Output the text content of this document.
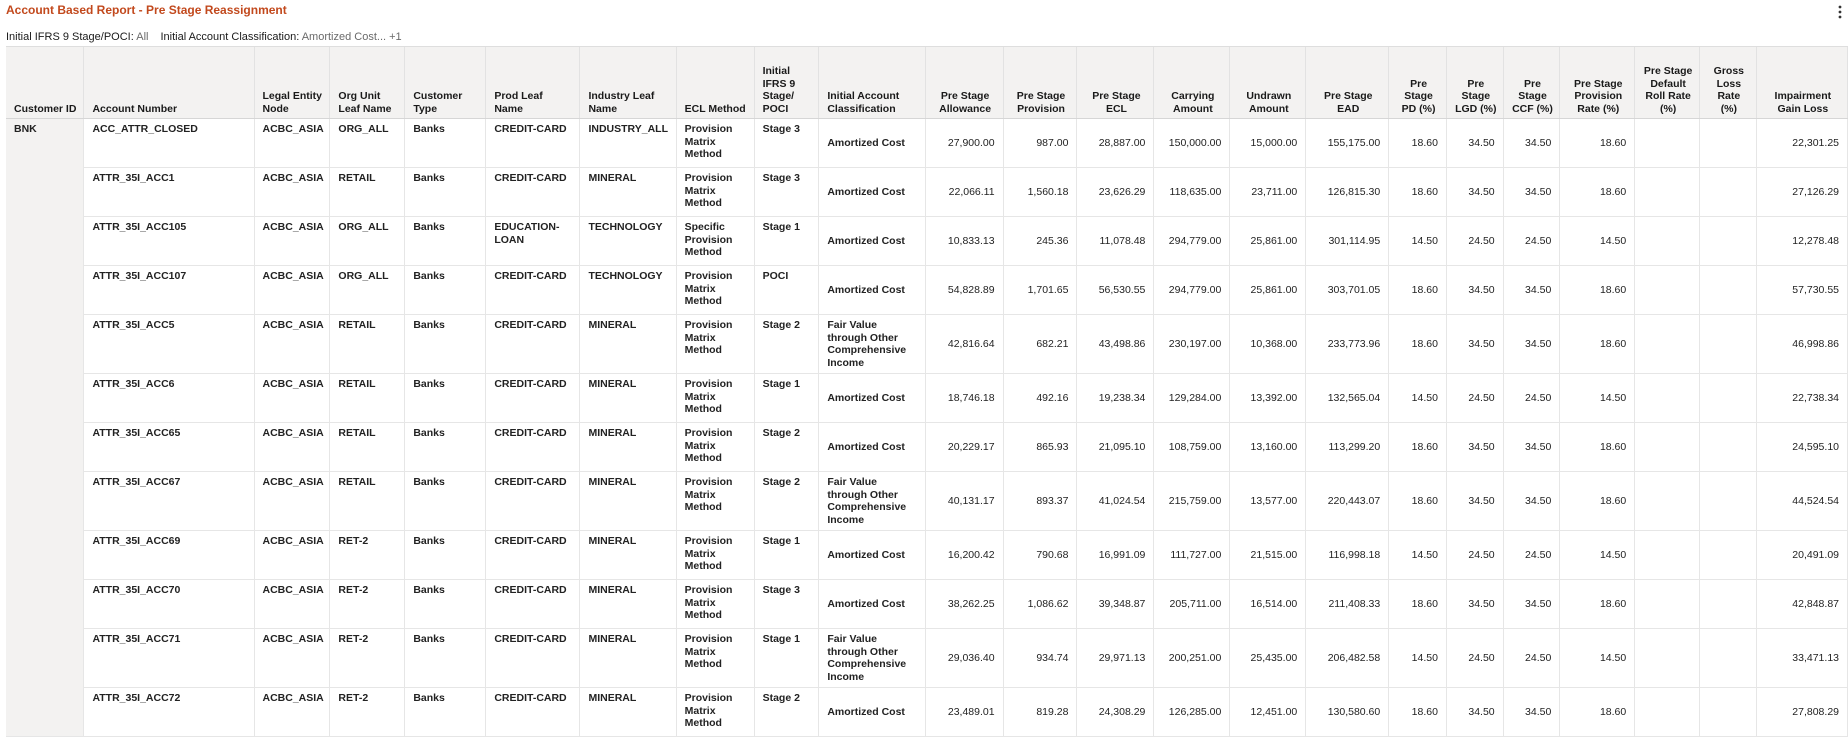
Account Based Report - Pre Stage Reassignment
Initial IFRS 9 Stage/POCI: All Initial Account Classification: Amortized Cost... +1
Customer ID	Account Number	Legal Entity Node	Org Unit Leaf Name	Customer Type	Prod Leaf Name	Industry Leaf Name	ECL Method	Initial IFRS 9 Stage/ POCI	Initial Account Classification	Pre Stage Allowance	Pre Stage Provision	Pre Stage ECL	Carrying Amount	Undrawn Amount	Pre Stage EAD	Pre Stage PD (%)	Pre Stage LGD (%)	Pre Stage CCF (%)	Pre Stage Provision Rate (%)	Pre Stage Default Roll Rate (%)	Gross Loss Rate (%)	Impairment Gain Loss
BNK	ACC_ATTR_CLOSED	ACBC_ASIA	ORG_ALL	Banks	CREDIT-CARD	INDUSTRY_ALL	Provision Matrix Method	Stage 3	Amortized Cost	27,900.00	987.00	28,887.00	150,000.00	15,000.00	155,175.00	18.60	34.50	34.50	18.60			22,301.25
	ATTR_35I_ACC1	ACBC_ASIA	RETAIL	Banks	CREDIT-CARD	MINERAL	Provision Matrix Method	Stage 3	Amortized Cost	22,066.11	1,560.18	23,626.29	118,635.00	23,711.00	126,815.30	18.60	34.50	34.50	18.60			27,126.29
	ATTR_35I_ACC105	ACBC_ASIA	ORG_ALL	Banks	EDUCATION-LOAN	TECHNOLOGY	Specific Provision Method	Stage 1	Amortized Cost	10,833.13	245.36	11,078.48	294,779.00	25,861.00	301,114.95	14.50	24.50	24.50	14.50			12,278.48
	ATTR_35I_ACC107	ACBC_ASIA	ORG_ALL	Banks	CREDIT-CARD	TECHNOLOGY	Provision Matrix Method	POCI	Amortized Cost	54,828.89	1,701.65	56,530.55	294,779.00	25,861.00	303,701.05	18.60	34.50	34.50	18.60			57,730.55
	ATTR_35I_ACC5	ACBC_ASIA	RETAIL	Banks	CREDIT-CARD	MINERAL	Provision Matrix Method	Stage 2	Fair Value through Other Comprehensive Income	42,816.64	682.21	43,498.86	230,197.00	10,368.00	233,773.96	18.60	34.50	34.50	18.60			46,998.86
	ATTR_35I_ACC6	ACBC_ASIA	RETAIL	Banks	CREDIT-CARD	MINERAL	Provision Matrix Method	Stage 1	Amortized Cost	18,746.18	492.16	19,238.34	129,284.00	13,392.00	132,565.04	14.50	24.50	24.50	14.50			22,738.34
	ATTR_35I_ACC65	ACBC_ASIA	RETAIL	Banks	CREDIT-CARD	MINERAL	Provision Matrix Method	Stage 2	Amortized Cost	20,229.17	865.93	21,095.10	108,759.00	13,160.00	113,299.20	18.60	34.50	34.50	18.60			24,595.10
	ATTR_35I_ACC67	ACBC_ASIA	RETAIL	Banks	CREDIT-CARD	MINERAL	Provision Matrix Method	Stage 2	Fair Value through Other Comprehensive Income	40,131.17	893.37	41,024.54	215,759.00	13,577.00	220,443.07	18.60	34.50	34.50	18.60			44,524.54
	ATTR_35I_ACC69	ACBC_ASIA	RET-2	Banks	CREDIT-CARD	MINERAL	Provision Matrix Method	Stage 1	Amortized Cost	16,200.42	790.68	16,991.09	111,727.00	21,515.00	116,998.18	14.50	24.50	24.50	14.50			20,491.09
	ATTR_35I_ACC70	ACBC_ASIA	RET-2	Banks	CREDIT-CARD	MINERAL	Provision Matrix Method	Stage 3	Amortized Cost	38,262.25	1,086.62	39,348.87	205,711.00	16,514.00	211,408.33	18.60	34.50	34.50	18.60			42,848.87
	ATTR_35I_ACC71	ACBC_ASIA	RET-2	Banks	CREDIT-CARD	MINERAL	Provision Matrix Method	Stage 1	Fair Value through Other Comprehensive Income	29,036.40	934.74	29,971.13	200,251.00	25,435.00	206,482.58	14.50	24.50	24.50	14.50			33,471.13
	ATTR_35I_ACC72	ACBC_ASIA	RET-2	Banks	CREDIT-CARD	MINERAL	Provision Matrix Method	Stage 2	Amortized Cost	23,489.01	819.28	24,308.29	126,285.00	12,451.00	130,580.60	18.60	34.50	34.50	18.60			27,808.29
